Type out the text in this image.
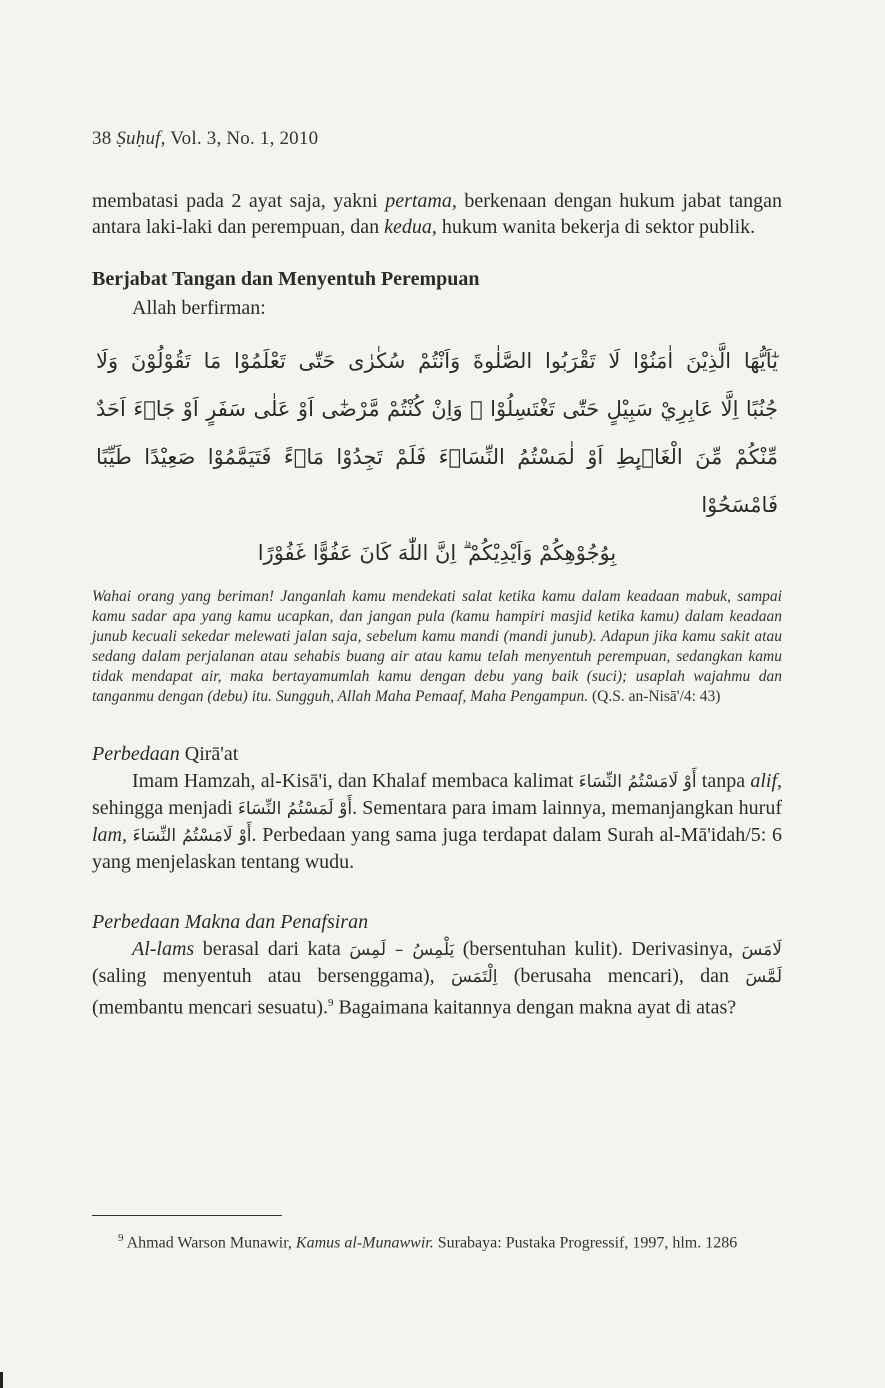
38 Ṣuḥuf, Vol. 3, No. 1, 2010

membatasi pada 2 ayat saja, yakni pertama, berkenaan dengan hukum jabat tangan antara laki-laki dan perempuan, dan kedua, hukum wanita bekerja di sektor publik.

Berjabat Tangan dan Menyentuh Perempuan

Allah berfirman:

يٰٓاَيُّهَا الَّذِيْنَ اٰمَنُوْا لَا تَقْرَبُوا الصَّلٰوةَ وَاَنْتُمْ سُكٰرٰى حَتّٰى تَعْلَمُوْا مَا تَقُوْلُوْنَ وَلَا
جُنُبًا اِلَّا عَابِرِيْ سَبِيْلٍ حَتّٰى تَغْتَسِلُوْا ۗ وَاِنْ كُنْتُمْ مَّرْضٰٓى اَوْ عَلٰى سَفَرٍ اَوْ جَاۤءَ اَحَدٌ
مِّنْكُمْ مِّنَ الْغَاۤىِٕطِ اَوْ لٰمَسْتُمُ النِّسَاۤءَ فَلَمْ تَجِدُوْا مَاۤءً فَتَيَمَّمُوْا صَعِيْدًا طَيِّبًا فَامْسَحُوْا
بِوُجُوْهِكُمْ وَاَيْدِيْكُمْ ۗ اِنَّ اللّٰهَ كَانَ عَفُوًّا غَفُوْرًا

Wahai orang yang beriman! Janganlah kamu mendekati salat ketika kamu dalam keadaan mabuk, sampai kamu sadar apa yang kamu ucapkan, dan jangan pula (kamu hampiri masjid ketika kamu) dalam keadaan junub kecuali sekedar melewati jalan saja, sebelum kamu mandi (mandi junub). Adapun jika kamu sakit atau sedang dalam perjalanan atau sehabis buang air atau kamu telah menyentuh perempuan, sedangkan kamu tidak mendapat air, maka bertayamumlah kamu dengan debu yang baik (suci); usaplah wajahmu dan tanganmu dengan (debu) itu. Sungguh, Allah Maha Pemaaf, Maha Pengampun. (Q.S. an-Nisā'/4: 43)

Perbedaan Qirā'at

Imam Hamzah, al-Kisā'i, dan Khalaf membaca kalimat أَوْ لَامَسْتُمُ النِّسَاءَ tanpa alif, sehingga menjadi أَوْ لَمَسْتُمُ النِّسَاءَ. Sementara para imam lainnya, memanjangkan huruf lam, أَوْ لَامَسْتُمُ النِّسَاءَ. Perbedaan yang sama juga terdapat dalam Surah al-Mā'idah/5: 6 yang menjelaskan tentang wudu.

Perbedaan Makna dan Penafsiran

Al-lams berasal dari kata يَلْمِسُ – لَمِسَ (bersentuhan kulit). Derivasinya, لَامَسَ (saling menyentuh atau bersenggama), اِلْتَمَسَ (berusaha mencari), dan لَمَّسَ (membantu mencari sesuatu).$^9$ Bagaimana kaitannya dengan makna ayat di atas?

$^9$ Ahmad Warson Munawir, Kamus al-Munawwir. Surabaya: Pustaka Progressif, 1997, hlm. 1286
